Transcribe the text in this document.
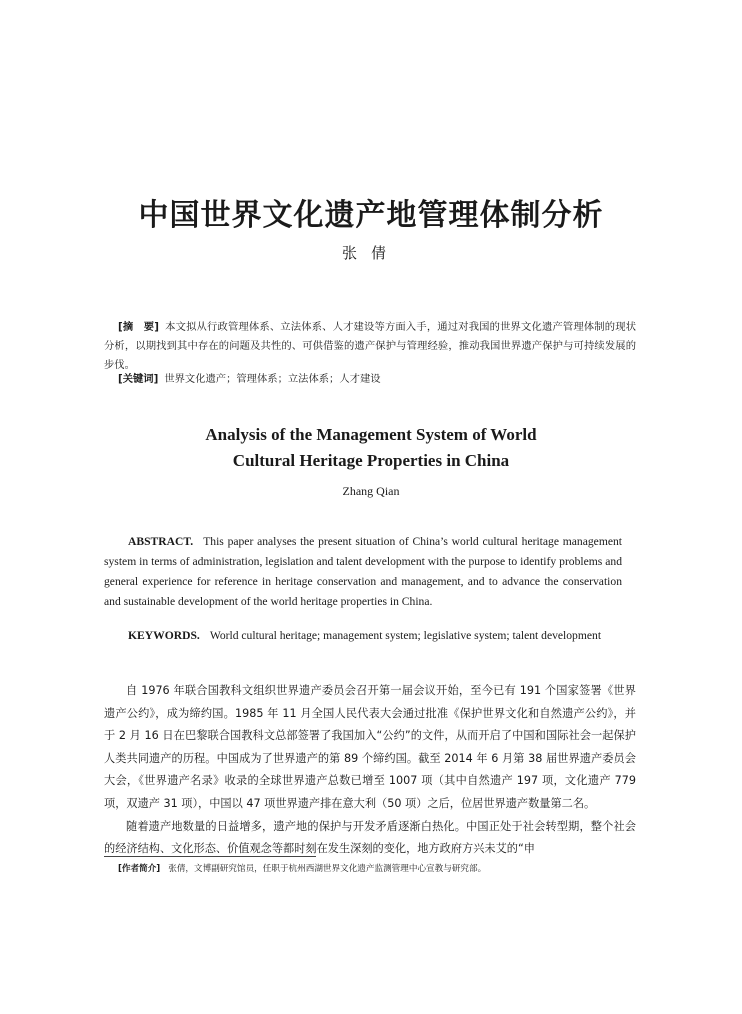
中国世界文化遗产地管理体制分析
张倩
[摘　要] 本文拟从行政管理体系、立法体系、人才建设等方面入手，通过对我国的世界文化遗产管理体制的现状分析，以期找到其中存在的问题及共性的、可供借鉴的遗产保护与管理经验，推动我国世界遗产保护与可持续发展的步伐。
[关键词] 世界文化遗产；管理体系；立法体系；人才建设
Analysis of the Management System of World
Cultural Heritage Properties in China
Zhang Qian
ABSTRACT. This paper analyses the present situation of China’s world cultural heritage management system in terms of administration, legislation and talent development with the purpose to identify problems and general experience for reference in heritage conservation and management, and to advance the conservation and sustainable development of the world heritage properties in China.
KEYWORDS. World cultural heritage; management system; legislative system; talent development

自 1976 年联合国教科文组织世界遗产委员会召开第一届会议开始，至今已有 191 个国家签署《世界遗产公约》，成为缔约国。1985 年 11 月全国人民代表大会通过批准《保护世界文化和自然遗产公约》，并于 2 月 16 日在巴黎联合国教科文总部签署了我国加入“公约”的文件，从而开启了中国和国际社会一起保护人类共同遗产的历程。中国成为了世界遗产的第 89 个缔约国。截至 2014 年 6 月第 38 届世界遗产委员会大会，《世界遗产名录》收录的全球世界遗产总数已增至 1007 项（其中自然遗产 197 项，文化遗产 779 项，双遗产 31 项），中国以 47 项世界遗产排在意大利（50 项）之后，位居世界遗产数量第二名。

随着遗产地数量的日益增多，遗产地的保护与开发矛盾逐渐白热化。中国正处于社会转型期，整个社会的经济结构、文化形态、价值观念等都时刻在发生深刻的变化，地方政府方兴未艾的“申

[作者简介] 张倩，文博副研究馆员，任职于杭州西湖世界文化遗产监测管理中心宣教与研究部。
